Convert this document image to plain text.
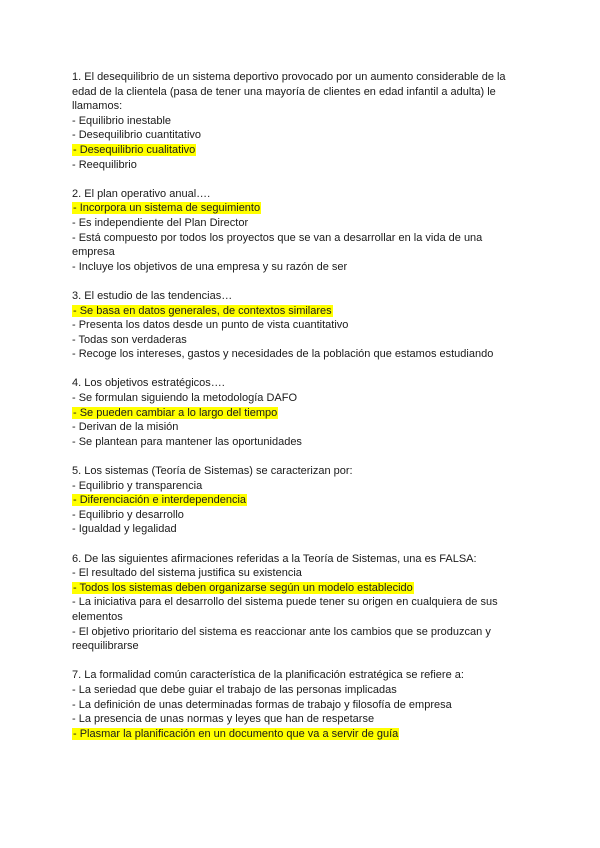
1. El desequilibrio de un sistema deportivo provocado por un aumento considerable de la edad de la clientela (pasa de tener una mayoría de clientes en edad infantil a adulta) le llamamos:
- Equilibrio inestable
- Desequilibrio cuantitativo
- Desequilibrio cualitativo
- Reequilibrio
2. El plan operativo anual….
- Incorpora un sistema de seguimiento
- Es independiente del Plan Director
- Está compuesto por todos los proyectos que se van a desarrollar en la vida de una empresa
- Incluye los objetivos de una empresa y su razón de ser
3. El estudio de las tendencias…
- Se basa en datos generales, de contextos similares
- Presenta los datos desde un punto de vista cuantitativo
- Todas son verdaderas
- Recoge los intereses, gastos y necesidades de la población que estamos estudiando
4. Los objetivos estratégicos….
- Se formulan siguiendo la metodología DAFO
- Se pueden cambiar a lo largo del tiempo
- Derivan de la misión
- Se plantean para mantener las oportunidades
5. Los sistemas (Teoría de Sistemas) se caracterizan por:
- Equilibrio y transparencia
- Diferenciación e interdependencia
- Equilibrio y desarrollo
- Igualdad y legalidad
6. De las siguientes afirmaciones referidas a la Teoría de Sistemas, una es FALSA:
- El resultado del sistema justifica su existencia
- Todos los sistemas deben organizarse según un modelo establecido
- La iniciativa para el desarrollo del sistema puede tener su origen en cualquiera de sus elementos
- El objetivo prioritario del sistema es reaccionar ante los cambios que se produzcan y reequilibrarse
7. La formalidad común característica de la planificación estratégica se refiere a:
- La seriedad que debe guiar el trabajo de las personas implicadas
- La definición de unas determinadas formas de trabajo y filosofía de empresa
- La presencia de unas normas y leyes que han de respetarse
- Plasmar la planificación en un documento que va a servir de guía
